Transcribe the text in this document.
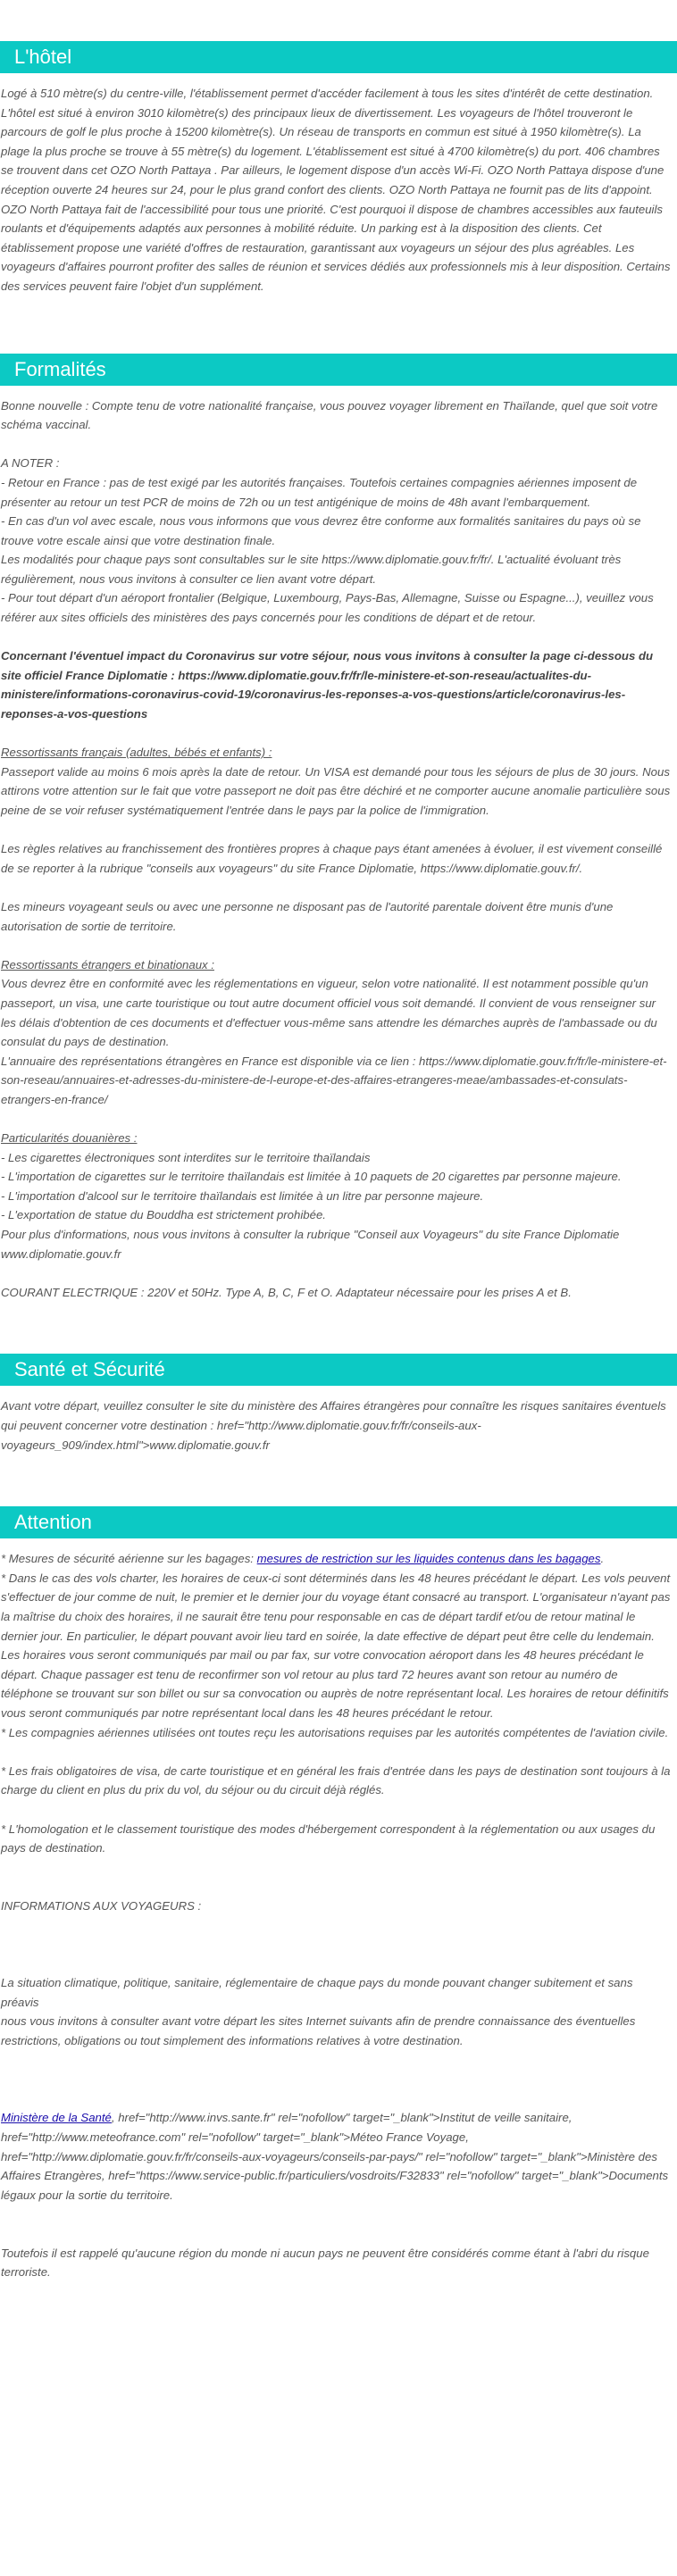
L'hôtel

Logé à 510 mètre(s) du centre-ville, l'établissement permet d'accéder facilement à tous les sites d'intérêt de cette destination. L'hôtel est situé à environ 3010 kilomètre(s) des principaux lieux de divertissement. Les voyageurs de l'hôtel trouveront le parcours de golf le plus proche à 15200 kilomètre(s). Un réseau de transports en commun est situé à 1950 kilomètre(s). La plage la plus proche se trouve à 55 mètre(s) du logement. L'établissement est situé à 4700 kilomètre(s) du port. 406 chambres se trouvent dans cet OZO North Pattaya . Par ailleurs, le logement dispose d'un accès Wi-Fi. OZO North Pattaya dispose d'une réception ouverte 24 heures sur 24, pour le plus grand confort des clients. OZO North Pattaya ne fournit pas de lits d'appoint. OZO North Pattaya fait de l'accessibilité pour tous une priorité. C'est pourquoi il dispose de chambres accessibles aux fauteuils roulants et d'équipements adaptés aux personnes à mobilité réduite. Un parking est à la disposition des clients. Cet établissement propose une variété d'offres de restauration, garantissant aux voyageurs un séjour des plus agréables. Les voyageurs d'affaires pourront profiter des salles de réunion et services dédiés aux professionnels mis à leur disposition. Certains des services peuvent faire l'objet d'un supplément.

Formalités

Bonne nouvelle : Compte tenu de votre nationalité française, vous pouvez voyager librement en Thaïlande, quel que soit votre schéma vaccinal.

A NOTER :

- Retour en France : pas de test exigé par les autorités françaises. Toutefois certaines compagnies aériennes imposent de présenter au retour un test PCR de moins de 72h ou un test antigénique de moins de 48h avant l'embarquement.

- En cas d'un vol avec escale, nous vous informons que vous devrez être conforme aux formalités sanitaires du pays où se trouve votre escale ainsi que votre destination finale.

Les modalités pour chaque pays sont consultables sur le site https://www.diplomatie.gouv.fr/fr/. L'actualité évoluant très régulièrement, nous vous invitons à consulter ce lien avant votre départ.

- Pour tout départ d'un aéroport frontalier (Belgique, Luxembourg, Pays-Bas, Allemagne, Suisse ou Espagne...), veuillez vous référer aux sites officiels des ministères des pays concernés pour les conditions de départ et de retour.

Concernant l'éventuel impact du Coronavirus sur votre séjour, nous vous invitons à consulter la page ci-dessous du site officiel France Diplomatie : https://www.diplomatie.gouv.fr/fr/le-ministere-et-son-reseau/actualites-du-ministere/informations-coronavirus-covid-19/coronavirus-les-reponses-a-vos-questions/article/coronavirus-les-reponses-a-vos-questions

Ressortissants français (adultes, bébés et enfants) :

Passeport valide au moins 6 mois après la date de retour. Un VISA est demandé pour tous les séjours de plus de 30 jours. Nous attirons votre attention sur le fait que votre passeport ne doit pas être déchiré et ne comporter aucune anomalie particulière sous peine de se voir refuser systématiquement l'entrée dans le pays par la police de l'immigration.

Les règles relatives au franchissement des frontières propres à chaque pays étant amenées à évoluer, il est vivement conseillé de se reporter à la rubrique "conseils aux voyageurs" du site France Diplomatie, https://www.diplomatie.gouv.fr/.

Les mineurs voyageant seuls ou avec une personne ne disposant pas de l'autorité parentale doivent être munis d'une autorisation de sortie de territoire.

Ressortissants étrangers et binationaux :

Vous devrez être en conformité avec les réglementations en vigueur, selon votre nationalité. Il est notamment possible qu'un passeport, un visa, une carte touristique ou tout autre document officiel vous soit demandé. Il convient de vous renseigner sur les délais d'obtention de ces documents et d'effectuer vous-même sans attendre les démarches auprès de l'ambassade ou du consulat du pays de destination.

L'annuaire des représentations étrangères en France est disponible via ce lien : https://www.diplomatie.gouv.fr/fr/le-ministere-et-son-reseau/annuaires-et-adresses-du-ministere-de-l-europe-et-des-affaires-etrangeres-meae/ambassades-et-consulats-etrangers-en-france/

Particularités douanières :

- Les cigarettes électroniques sont interdites sur le territoire thaïlandais

- L'importation de cigarettes sur le territoire thaïlandais est limitée à 10 paquets de 20 cigarettes par personne majeure.

- L'importation d'alcool sur le territoire thaïlandais est limitée à un litre par personne majeure.

- L'exportation de statue du Bouddha est strictement prohibée.

Pour plus d'informations, nous vous invitons à consulter la rubrique "Conseil aux Voyageurs" du site France Diplomatie www.diplomatie.gouv.fr

COURANT ELECTRIQUE : 220V et 50Hz. Type A, B, C, F et O. Adaptateur nécessaire pour les prises A et B.

Santé et Sécurité

Avant votre départ, veuillez consulter le site du ministère des Affaires étrangères pour connaître les risques sanitaires éventuels qui peuvent concerner votre destination : href="http://www.diplomatie.gouv.fr/fr/conseils-aux-voyageurs_909/index.html">www.diplomatie.gouv.fr

Attention

* Mesures de sécurité aérienne sur les bagages: mesures de restriction sur les liquides contenus dans les bagages.

* Dans le cas des vols charter, les horaires de ceux-ci sont déterminés dans les 48 heures précédant le départ. Les vols peuvent s'effectuer de jour comme de nuit, le premier et le dernier jour du voyage étant consacré au transport. L'organisateur n'ayant pas la maîtrise du choix des horaires, il ne saurait être tenu pour responsable en cas de départ tardif et/ou de retour matinal le dernier jour. En particulier, le départ pouvant avoir lieu tard en soirée, la date effective de départ peut être celle du lendemain. Les horaires vous seront communiqués par mail ou par fax, sur votre convocation aéroport dans les 48 heures précédant le départ. Chaque passager est tenu de reconfirmer son vol retour au plus tard 72 heures avant son retour au numéro de téléphone se trouvant sur son billet ou sur sa convocation ou auprès de notre représentant local. Les horaires de retour définitifs vous seront communiqués par notre représentant local dans les 48 heures précédant le retour.

* Les compagnies aériennes utilisées ont toutes reçu les autorisations requises par les autorités compétentes de l'aviation civile.

* Les frais obligatoires de visa, de carte touristique et en général les frais d'entrée dans les pays de destination sont toujours à la charge du client en plus du prix du vol, du séjour ou du circuit déjà réglés.

* L'homologation et le classement touristique des modes d'hébergement correspondent à la réglementation ou aux usages du pays de destination.

INFORMATIONS AUX VOYAGEURS :

La situation climatique, politique, sanitaire, réglementaire de chaque pays du monde pouvant changer subitement et sans préavis

nous vous invitons à consulter avant votre départ les sites Internet suivants afin de prendre connaissance des éventuelles restrictions, obligations ou tout simplement des informations relatives à votre destination.

Ministère de la Santé, href="http://www.invs.sante.fr" rel="nofollow" target="_blank">Institut de veille sanitaire, href="http://www.meteofrance.com" rel="nofollow" target="_blank">Méteo France Voyage, href="http://www.diplomatie.gouv.fr/fr/conseils-aux-voyageurs/conseils-par-pays/" rel="nofollow" target="_blank">Ministère des Affaires Etrangères, href="https://www.service-public.fr/particuliers/vosdroits/F32833" rel="nofollow" target="_blank">Documents légaux pour la sortie du territoire.

Toutefois il est rappelé qu'aucune région du monde ni aucun pays ne peuvent être considérés comme étant à l'abri du risque terroriste.
